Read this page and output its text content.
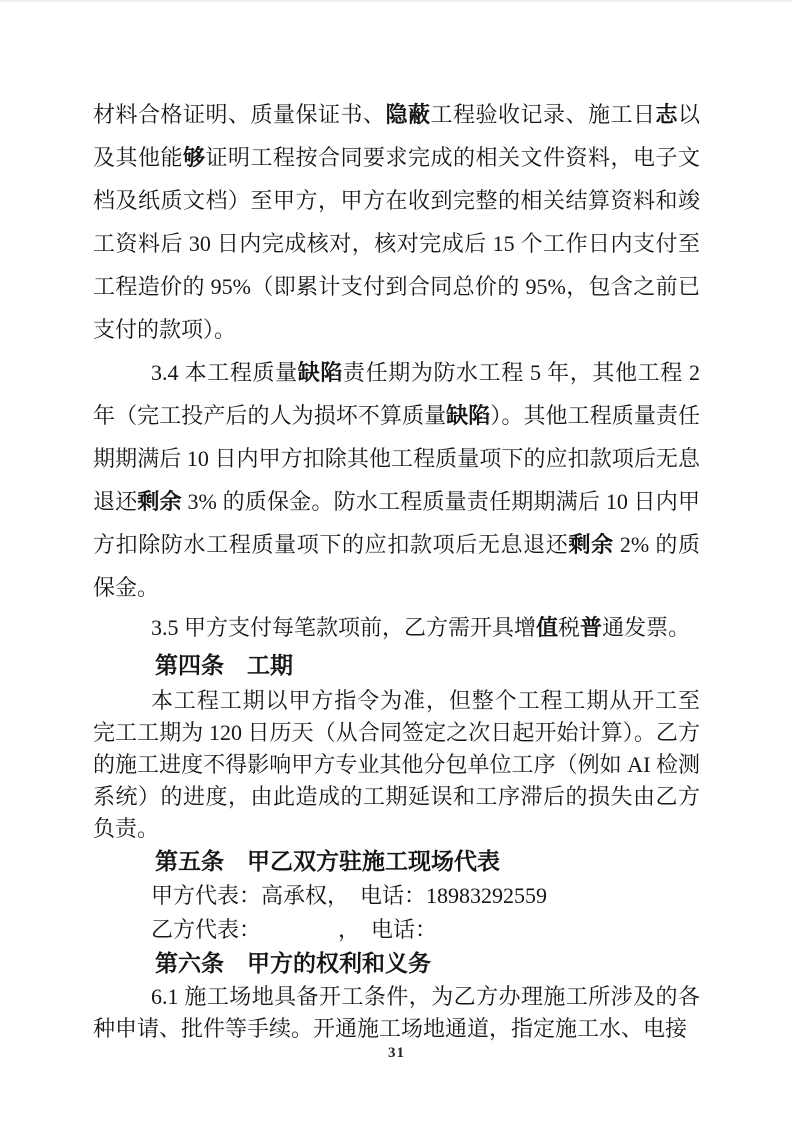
材料合格证明、质量保证书、隐蔽工程验收记录、施工日志以及其他能够证明工程按合同要求完成的相关文件资料，电子文档及纸质文档）至甲方，甲方在收到完整的相关结算资料和竣工资料后 30 日内完成核对，核对完成后 15 个工作日内支付至工程造价的 95%（即累计支付到合同总价的 95%，包含之前已支付的款项）。

3.4 本工程质量缺陷责任期为防水工程 5 年，其他工程 2 年（完工投产后的人为损坏不算质量缺陷）。其他工程质量责任期期满后 10 日内甲方扣除其他工程质量项下的应扣款项后无息退还剩余 3% 的质保金。防水工程质量责任期期满后 10 日内甲方扣除防水工程质量项下的应扣款项后无息退还剩余 2% 的质保金。

3.5 甲方支付每笔款项前，乙方需开具增值税普通发票。

第四条　工期

本工程工期以甲方指令为准，但整个工程工期从开工至完工工期为 120 日历天（从合同签定之次日起开始计算）。乙方的施工进度不得影响甲方专业其他分包单位工序（例如 AI 检测系统）的进度，由此造成的工期延误和工序滞后的损失由乙方负责。

第五条　甲乙双方驻施工现场代表

甲方代表：高承权，　电话：18983292559

乙方代表：　　　　，　电话：

第六条　甲方的权利和义务

6.1 施工场地具备开工条件，为乙方办理施工所涉及的各种申请、批件等手续。开通施工场地通道，指定施工水、电接

31
